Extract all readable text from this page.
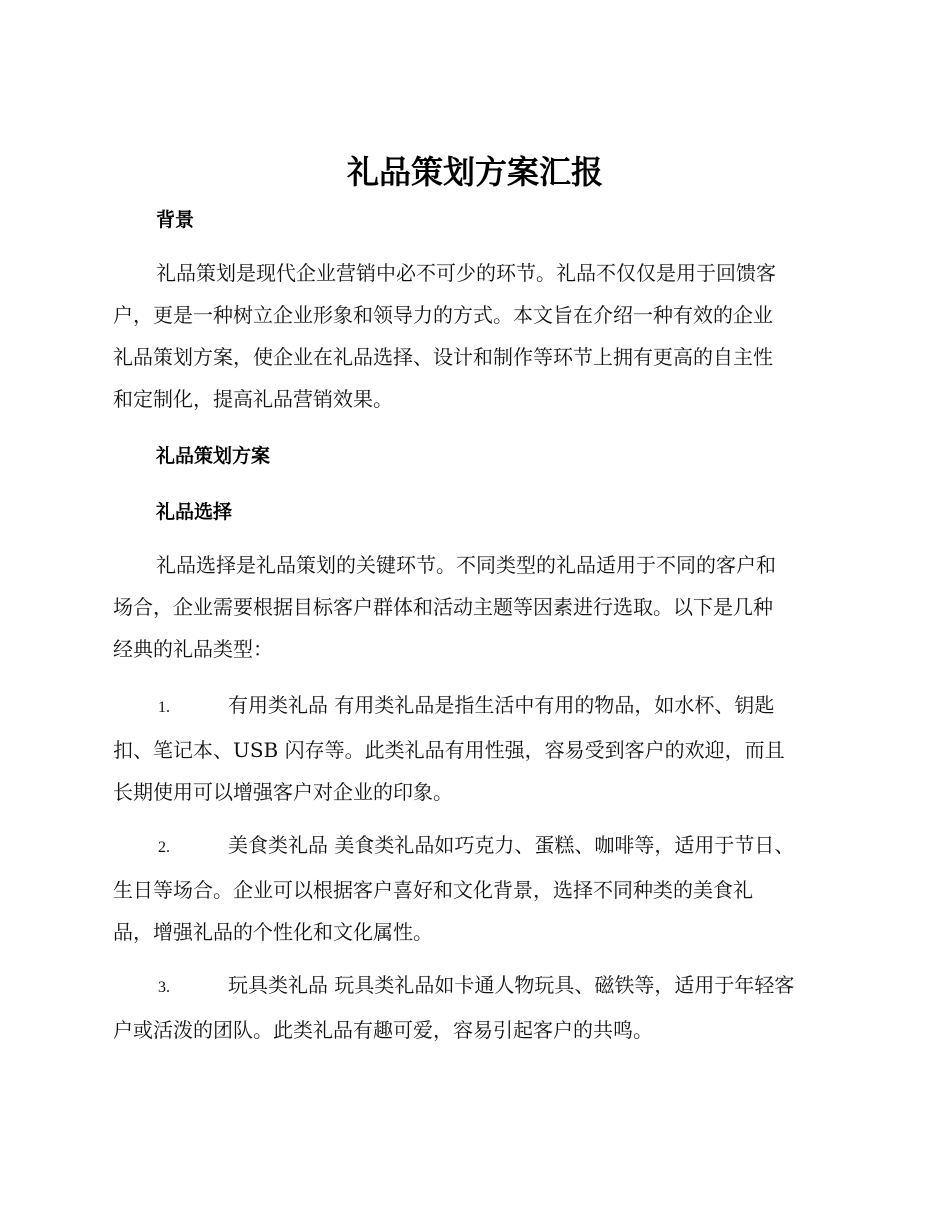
礼品策划方案汇报
背景
礼品策划是现代企业营销中必不可少的环节。礼品不仅仅是用于回馈客
户，更是一种树立企业形象和领导力的方式。本文旨在介绍一种有效的企业
礼品策划方案，使企业在礼品选择、设计和制作等环节上拥有更高的自主性
和定制化，提高礼品营销效果。
礼品策划方案
礼品选择
礼品选择是礼品策划的关键环节。不同类型的礼品适用于不同的客户和
场合，企业需要根据目标客户群体和活动主题等因素进行选取。以下是几种
经典的礼品类型：
1.	有用类礼品 有用类礼品是指生活中有用的物品，如水杯、钥匙
扣、笔记本、USB 闪存等。此类礼品有用性强，容易受到客户的欢迎，而且
长期使用可以增强客户对企业的印象。
2.	美食类礼品 美食类礼品如巧克力、蛋糕、咖啡等，适用于节日、
生日等场合。企业可以根据客户喜好和文化背景，选择不同种类的美食礼
品，增强礼品的个性化和文化属性。
3.	玩具类礼品 玩具类礼品如卡通人物玩具、磁铁等，适用于年轻客
户或活泼的团队。此类礼品有趣可爱，容易引起客户的共鸣。
